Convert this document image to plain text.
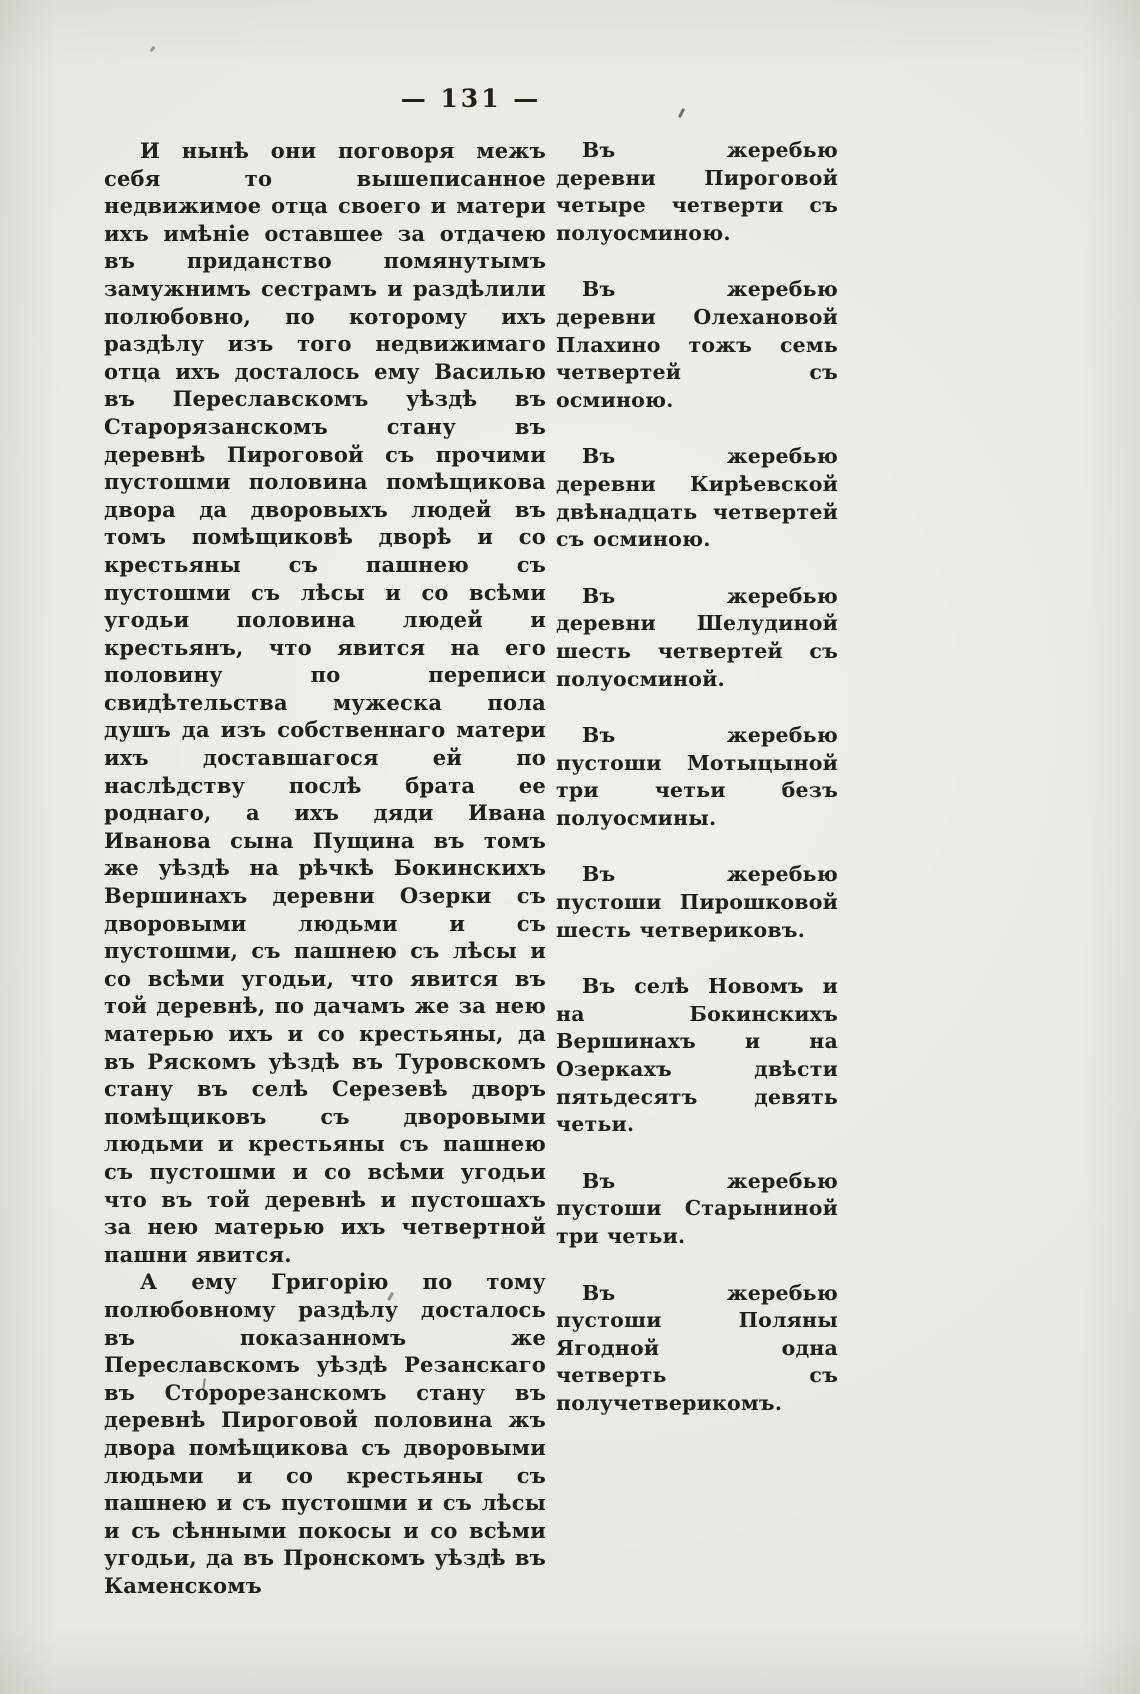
— 131 —

И нынѣ они поговоря межъ себя то вышеписанное недвижимое отца своего и матери ихъ имѣніе оставшее за отдачею въ приданство помянутымъ замужнимъ сестрамъ и раздѣлили полюбовно, по которому ихъ раздѣлу изъ того недвижимаго отца ихъ досталось ему Василью въ Переславскомъ уѣздѣ въ Старорязанскомъ стану въ деревнѣ Пироговой съ прочими пустошми половина помѣщикова двора да дворовыхъ людей въ томъ помѣщиковѣ дворѣ и со крестьяны съ пашнею съ пустошми съ лѣсы и со всѣми угодьи половина людей и крестьянъ, что явится на его половину по переписи свидѣтельства мужеска пола душъ да изъ собственнаго матери ихъ доставшагося ей по наслѣдству послѣ брата ее роднаго, а ихъ дяди Ивана Иванова сына Пущина въ томъ же уѣздѣ на рѣчкѣ Бокинскихъ Вершинахъ деревни Озерки съ дворовыми людьми и съ пустошми, съ пашнею съ лѣсы и со всѣми угодьи, что явится въ той деревнѣ, по дачамъ же за нею матерью ихъ и со крестьяны, да въ Ряскомъ уѣздѣ въ Туровскомъ стану въ селѣ Серезевѣ дворъ помѣщиковъ съ дворовыми людьми и крестьяны съ пашнею съ пустошми и со всѣми угодьи что въ той деревнѣ и пустошахъ за нею матерью ихъ четвертной пашни явится.

А ему Григорію по тому полюбовному раздѣлу досталось въ показанномъ же Переславскомъ уѣздѣ Резанскаго въ Сторорезанскомъ стану въ деревнѣ Пироговой половина жъ двора помѣщикова съ дворовыми людьми и со крестьяны съ пашнею и съ пустошми и съ лѣсы и съ сѣнными покосы и со всѣми угодьи, да въ Пронскомъ уѣздѣ въ Каменскомъ

Въ жеребью деревни Пироговой четыре четверти съ полуосминою.

Въ жеребью деревни Олехановой Плахино тожъ семь четвертей съ осминою.

Въ жеребью деревни Кирѣевской двѣнадцать четвертей съ осминою.

Въ жеребью деревни Шелудиной шесть четвертей съ полуосминой.

Въ жеребью пустоши Мотыцыной три четьи безъ полуосмины.

Въ жеребью пустоши Пирошковой шесть четвериковъ.

Въ селѣ Новомъ и на Бокинскихъ Вершинахъ и на Озеркахъ двѣсти пятьдесятъ девять четьи.

Въ жеребью пустоши Старыниной три четьи.

Въ жеребью пустоши Поляны Ягодной одна четверть съ получетверикомъ.
